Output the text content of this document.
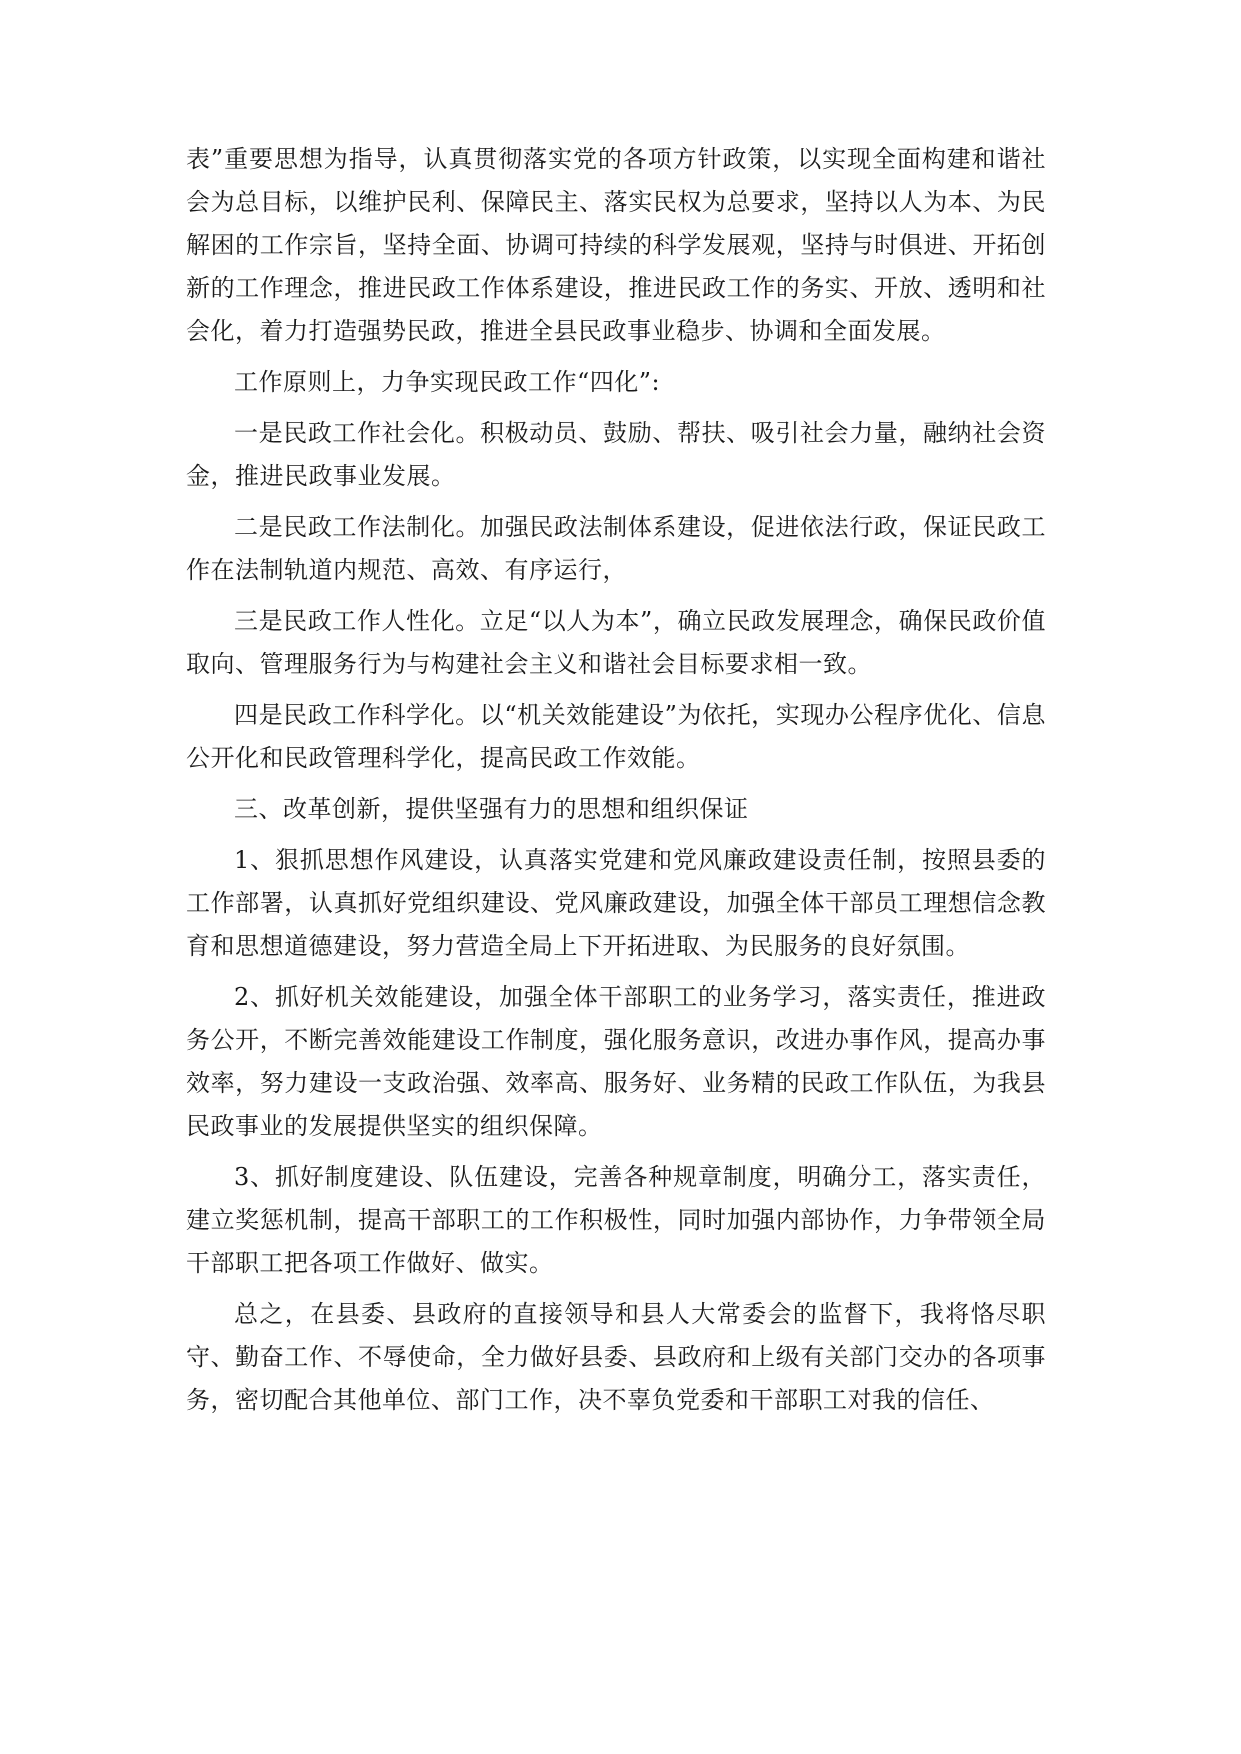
表”重要思想为指导，认真贯彻落实党的各项方针政策，以实现全面构建和谐社会为总目标，以维护民利、保障民主、落实民权为总要求，坚持以人为本、为民解困的工作宗旨，坚持全面、协调可持续的科学发展观，坚持与时俱进、开拓创新的工作理念，推进民政工作体系建设，推进民政工作的务实、开放、透明和社会化，着力打造强势民政，推进全县民政事业稳步、协调和全面发展。

工作原则上，力争实现民政工作“四化”:

一是民政工作社会化。积极动员、鼓励、帮扶、吸引社会力量，融纳社会资金，推进民政事业发展。

二是民政工作法制化。加强民政法制体系建设，促进依法行政，保证民政工作在法制轨道内规范、高效、有序运行，

三是民政工作人性化。立足“以人为本”，确立民政发展理念，确保民政价值取向、管理服务行为与构建社会主义和谐社会目标要求相一致。

四是民政工作科学化。以“机关效能建设”为依托，实现办公程序优化、信息公开化和民政管理科学化，提高民政工作效能。

三、改革创新，提供坚强有力的思想和组织保证

1、狠抓思想作风建设，认真落实党建和党风廉政建设责任制，按照县委的工作部署，认真抓好党组织建设、党风廉政建设，加强全体干部员工理想信念教育和思想道德建设，努力营造全局上下开拓进取、为民服务的良好氛围。

2、抓好机关效能建设，加强全体干部职工的业务学习，落实责任，推进政务公开，不断完善效能建设工作制度，强化服务意识，改进办事作风，提高办事效率，努力建设一支政治强、效率高、服务好、业务精的民政工作队伍，为我县民政事业的发展提供坚实的组织保障。

3、抓好制度建设、队伍建设，完善各种规章制度，明确分工，落实责任，建立奖惩机制，提高干部职工的工作积极性，同时加强内部协作，力争带领全局干部职工把各项工作做好、做实。

总之，在县委、县政府的直接领导和县人大常委会的监督下，我将恪尽职守、勤奋工作、不辱使命，全力做好县委、县政府和上级有关部门交办的各项事务，密切配合其他单位、部门工作，决不辜负党委和干部职工对我的信任、
